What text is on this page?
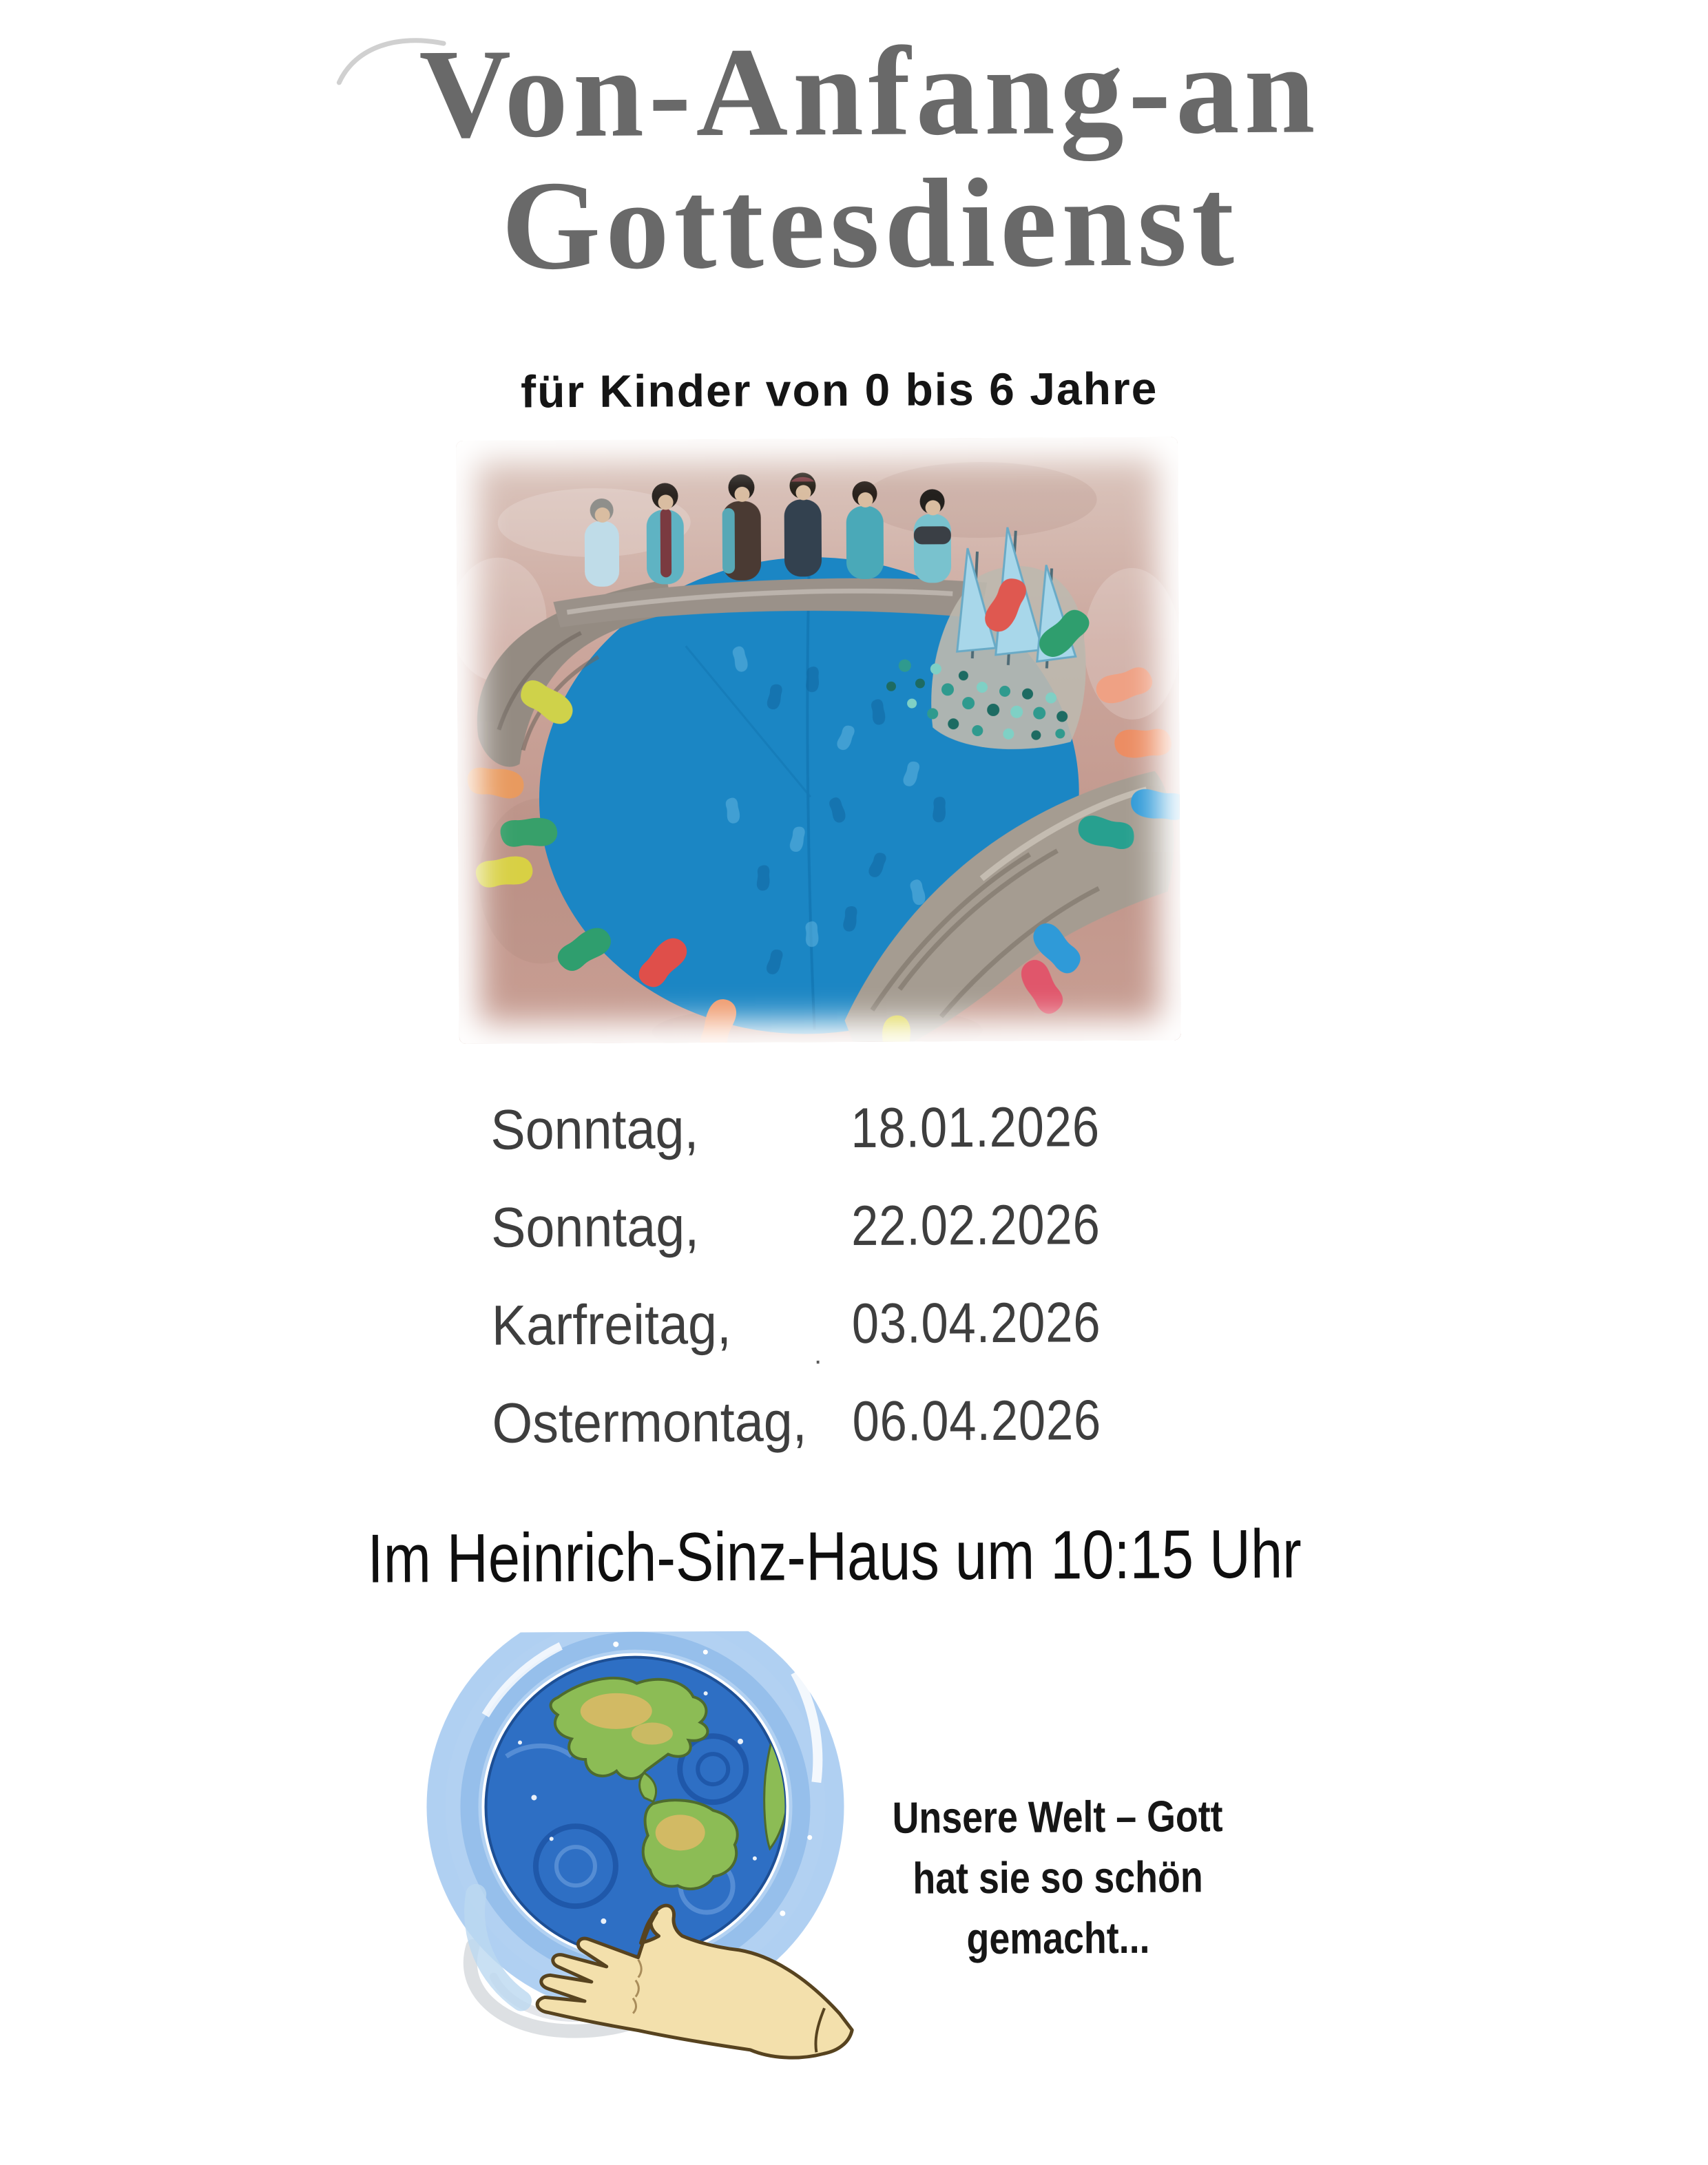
Von-Anfang-an
Gottesdienst
für Kinder von 0 bis 6 Jahre
Sonntag,	18.01.2026
Sonntag,	22.02.2026
Karfreitag,	. 03.04.2026
Ostermontag, 06.04.2026
Im Heinrich-Sinz-Haus um 10:15 Uhr
Unsere Welt – Gott
hat sie so schön
gemacht...
